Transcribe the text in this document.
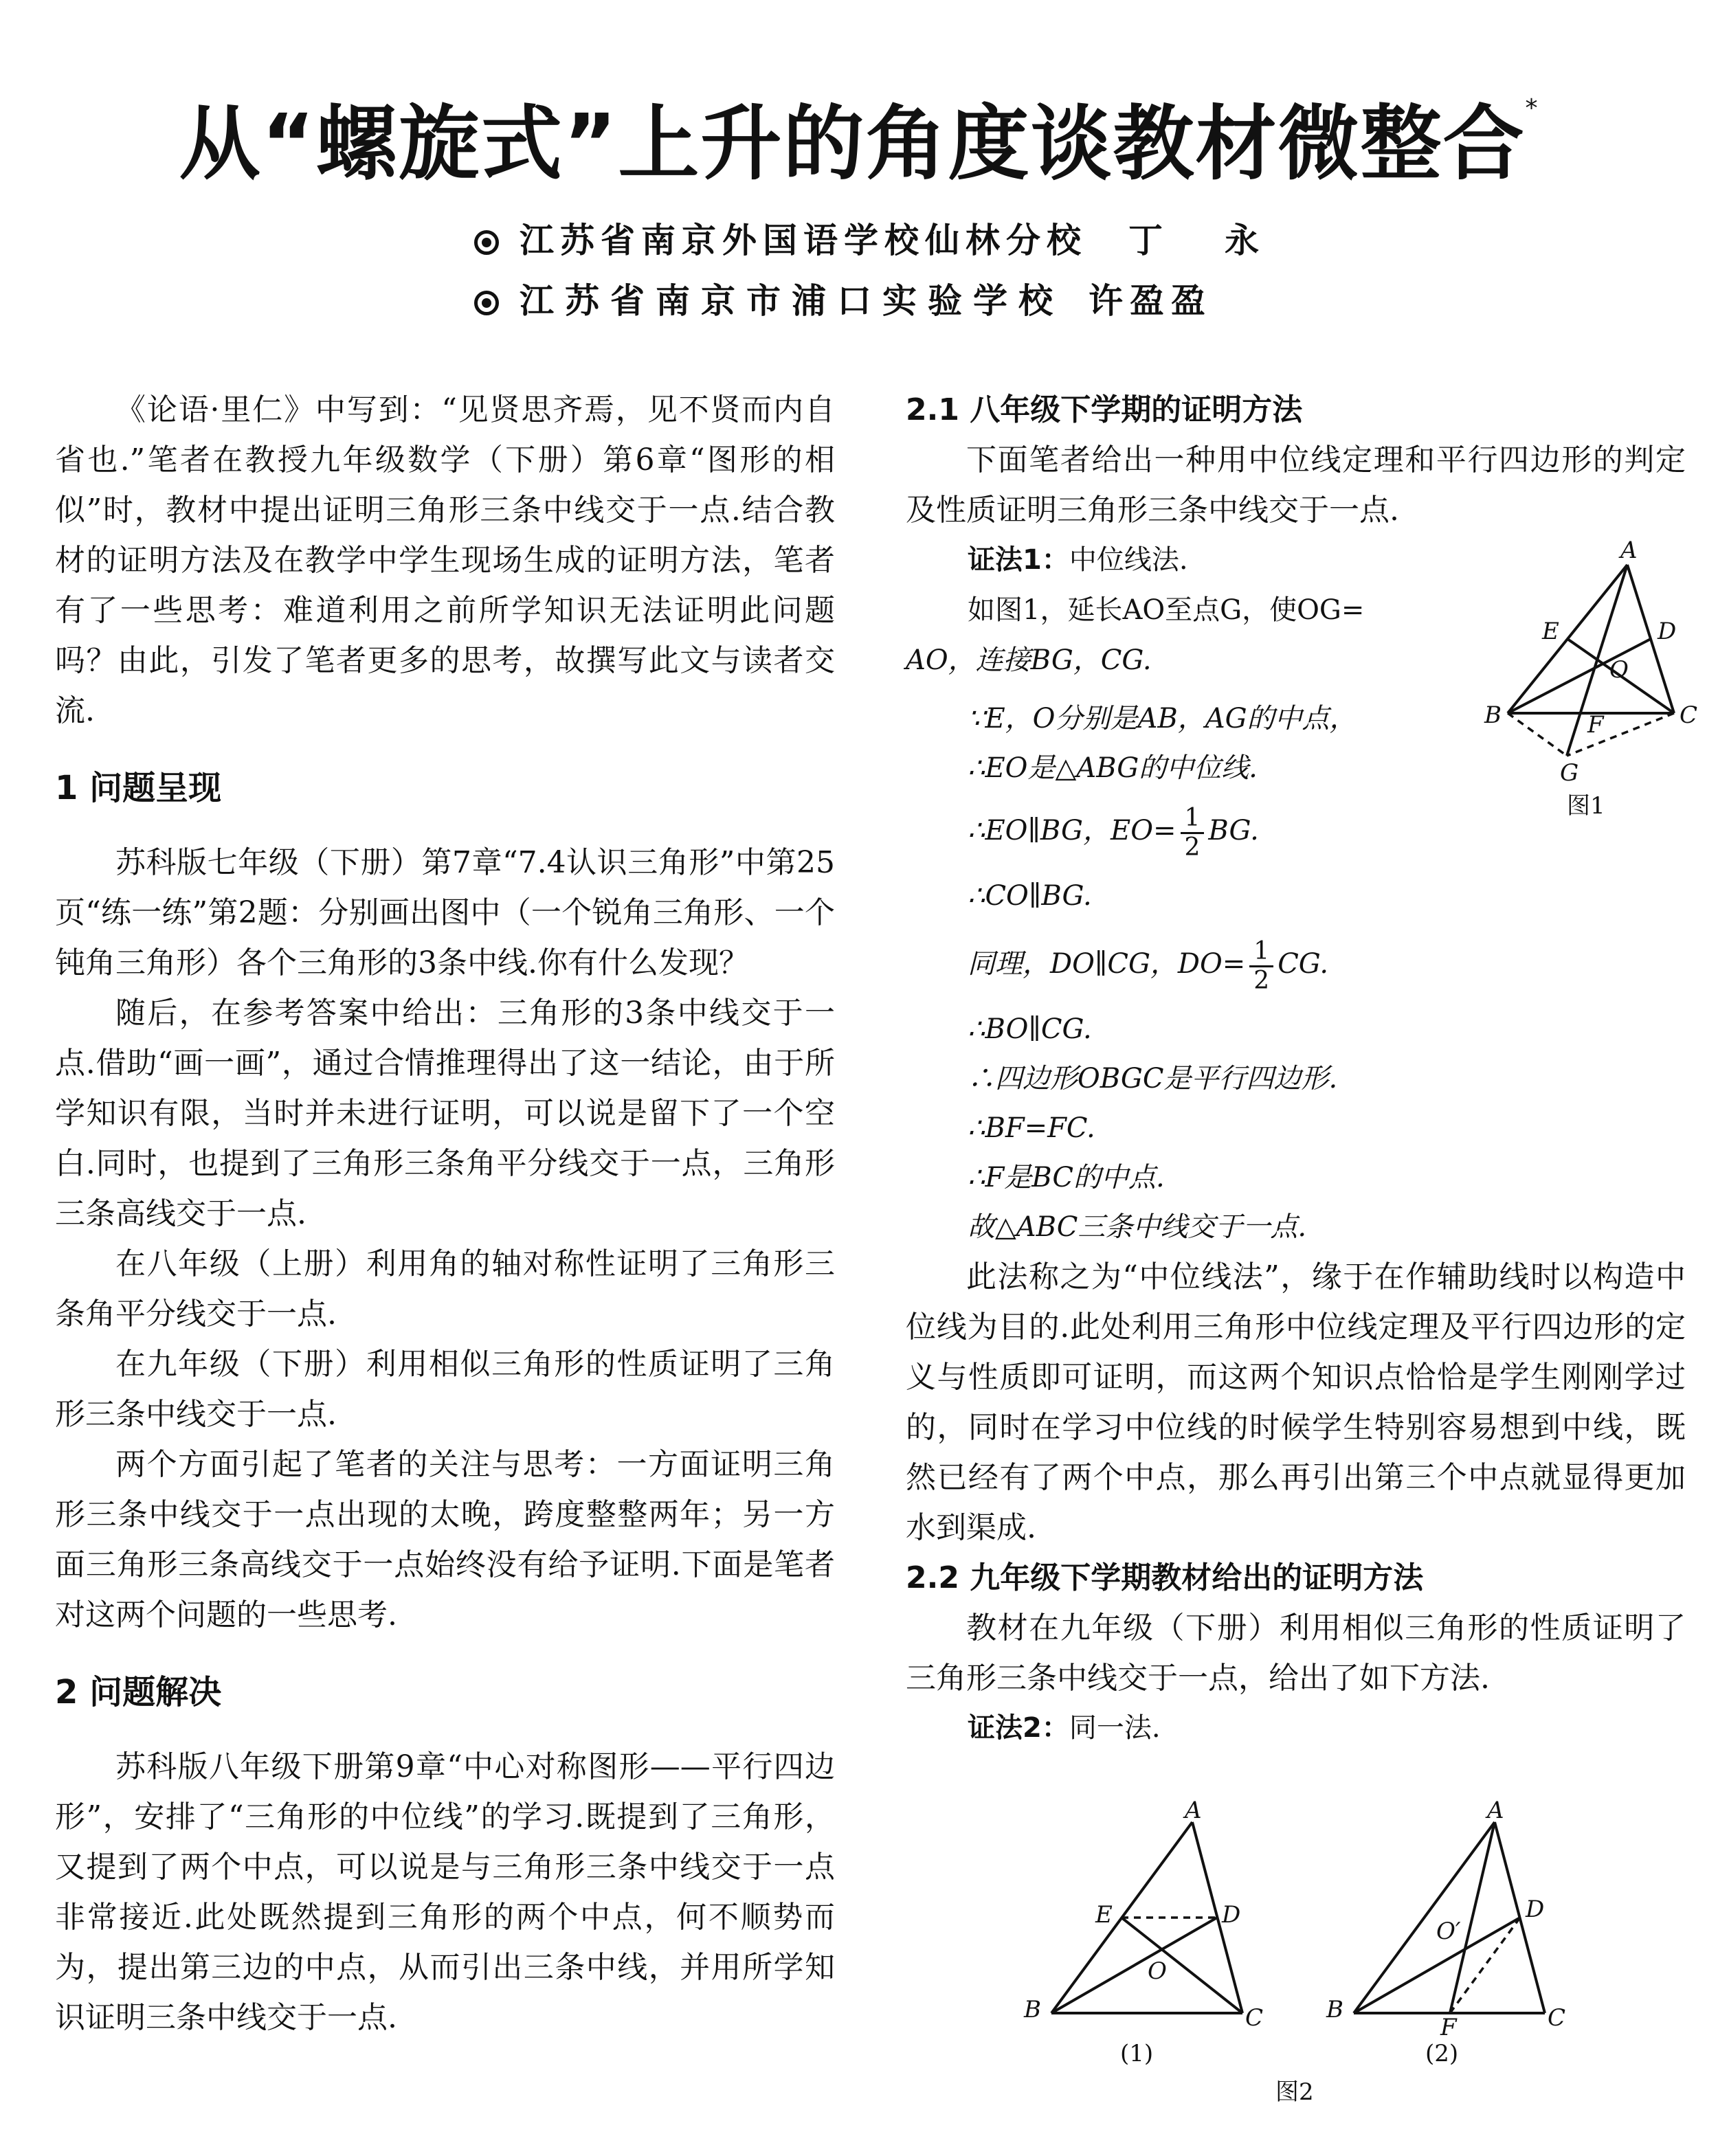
从“螺旋式”上升的角度谈教材微整合*
江苏省南京外国语学校仙林分校 丁　永
江苏省南京市浦口实验学校 许盈盈

《论语·里仁》中写到：“见贤思齐焉，见不贤而内自省也.”笔者在教授九年级数学（下册）第6章“图形的相似”时，教材中提出证明三角形三条中线交于一点.结合教材的证明方法及在教学中学生现场生成的证明方法，笔者有了一些思考：难道利用之前所学知识无法证明此问题吗？由此，引发了笔者更多的思考，故撰写此文与读者交流.

1 问题呈现

苏科版七年级（下册）第7章“7.4认识三角形”中第25页“练一练”第2题：分别画出图中（一个锐角三角形、一个钝角三角形）各个三角形的3条中线.你有什么发现？

随后，在参考答案中给出：三角形的3条中线交于一点.借助“画一画”，通过合情推理得出了这一结论，由于所学知识有限，当时并未进行证明，可以说是留下了一个空白.同时，也提到了三角形三条角平分线交于一点，三角形三条高线交于一点.

在八年级（上册）利用角的轴对称性证明了三角形三条角平分线交于一点.

在九年级（下册）利用相似三角形的性质证明了三角形三条中线交于一点.

两个方面引起了笔者的关注与思考：一方面证明三角形三条中线交于一点出现的太晚，跨度整整两年；另一方面三角形三条高线交于一点始终没有给予证明.下面是笔者对这两个问题的一些思考.

2 问题解决

苏科版八年级下册第9章“中心对称图形——平行四边形”，安排了“三角形的中位线”的学习.既提到了三角形，又提到了两个中点，可以说是与三角形三条中线交于一点非常接近.此处既然提到三角形的两个中点，何不顺势而为，提出第三边的中点，从而引出三条中线，并用所学知识证明三条中线交于一点.

2.1 八年级下学期的证明方法

下面笔者给出一种用中位线定理和平行四边形的判定及性质证明三角形三条中线交于一点.

证法1：中位线法.

如图1，延长AO至点G，使OG=

AO，连接BG，CG.

∵E，O分别是AB，AG的中点，

∴EO是△ABG的中位线.

∴EO∥BG，$EO= \frac{1}{2}$ BG.

∴CO∥BG.

同理，DO∥CG，$DO= \frac{1}{2}$ CG.

∴BO∥CG.

∴四边形OBGC是平行四边形.

∴BF=FC.

∴F是BC的中点.

故△ABC三条中线交于一点.

此法称之为“中位线法”，缘于在作辅助线时以构造中位线为目的.此处利用三角形中位线定理及平行四边形的定义与性质即可证明，而这两个知识点恰恰是学生刚刚学过的，同时在学习中位线的时候学生特别容易想到中线，既然已经有了两个中点，那么再引出第三个中点就显得更加水到渠成.

2.2 九年级下学期教材给出的证明方法

教材在九年级（下册）利用相似三角形的性质证明了三角形三条中线交于一点，给出了如下方法.

证法2：同一法.

A
B	C
D
E
F
G
O
图1
A
B	C
D
E
O
(1)
A
B	C
D
F
O′
(2)
图2
